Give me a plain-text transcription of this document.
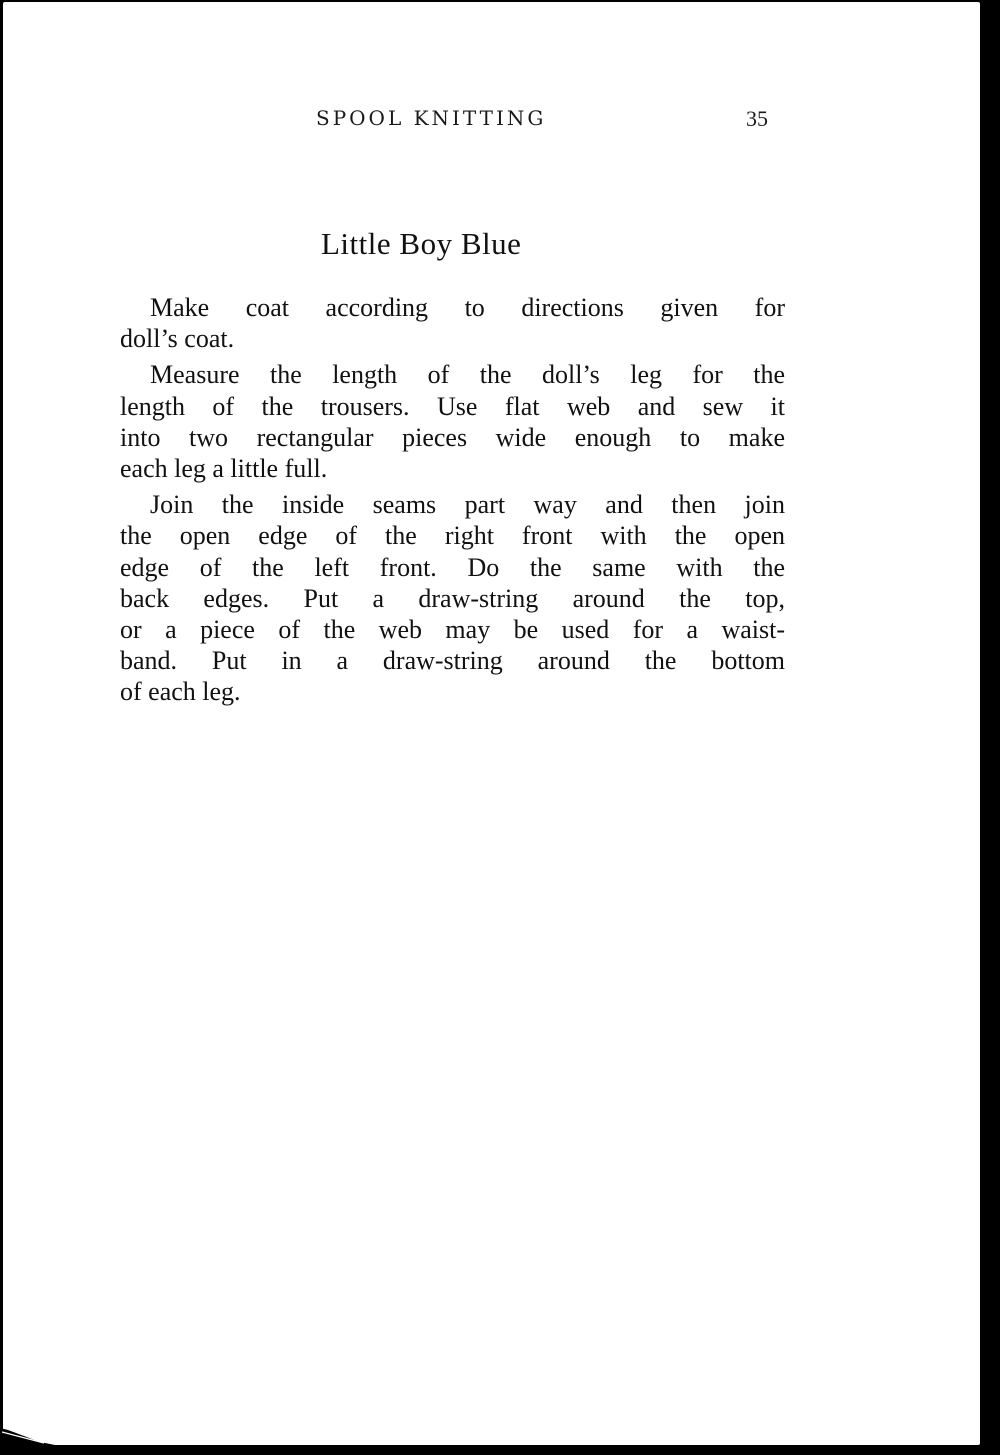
SPOOL KNITTING	35
Little Boy Blue
Make coat according to directions given for
doll’s coat.
Measure the length of the doll’s leg for the
length of the trousers. Use flat web and sew it
into two rectangular pieces wide enough to make
each leg a little full.
Join the inside seams part way and then join
the open edge of the right front with the open
edge of the left front. Do the same with the
back edges. Put a draw-string around the top,
or a piece of the web may be used for a waist-
band. Put in a draw-string around the bottom
of each leg.
